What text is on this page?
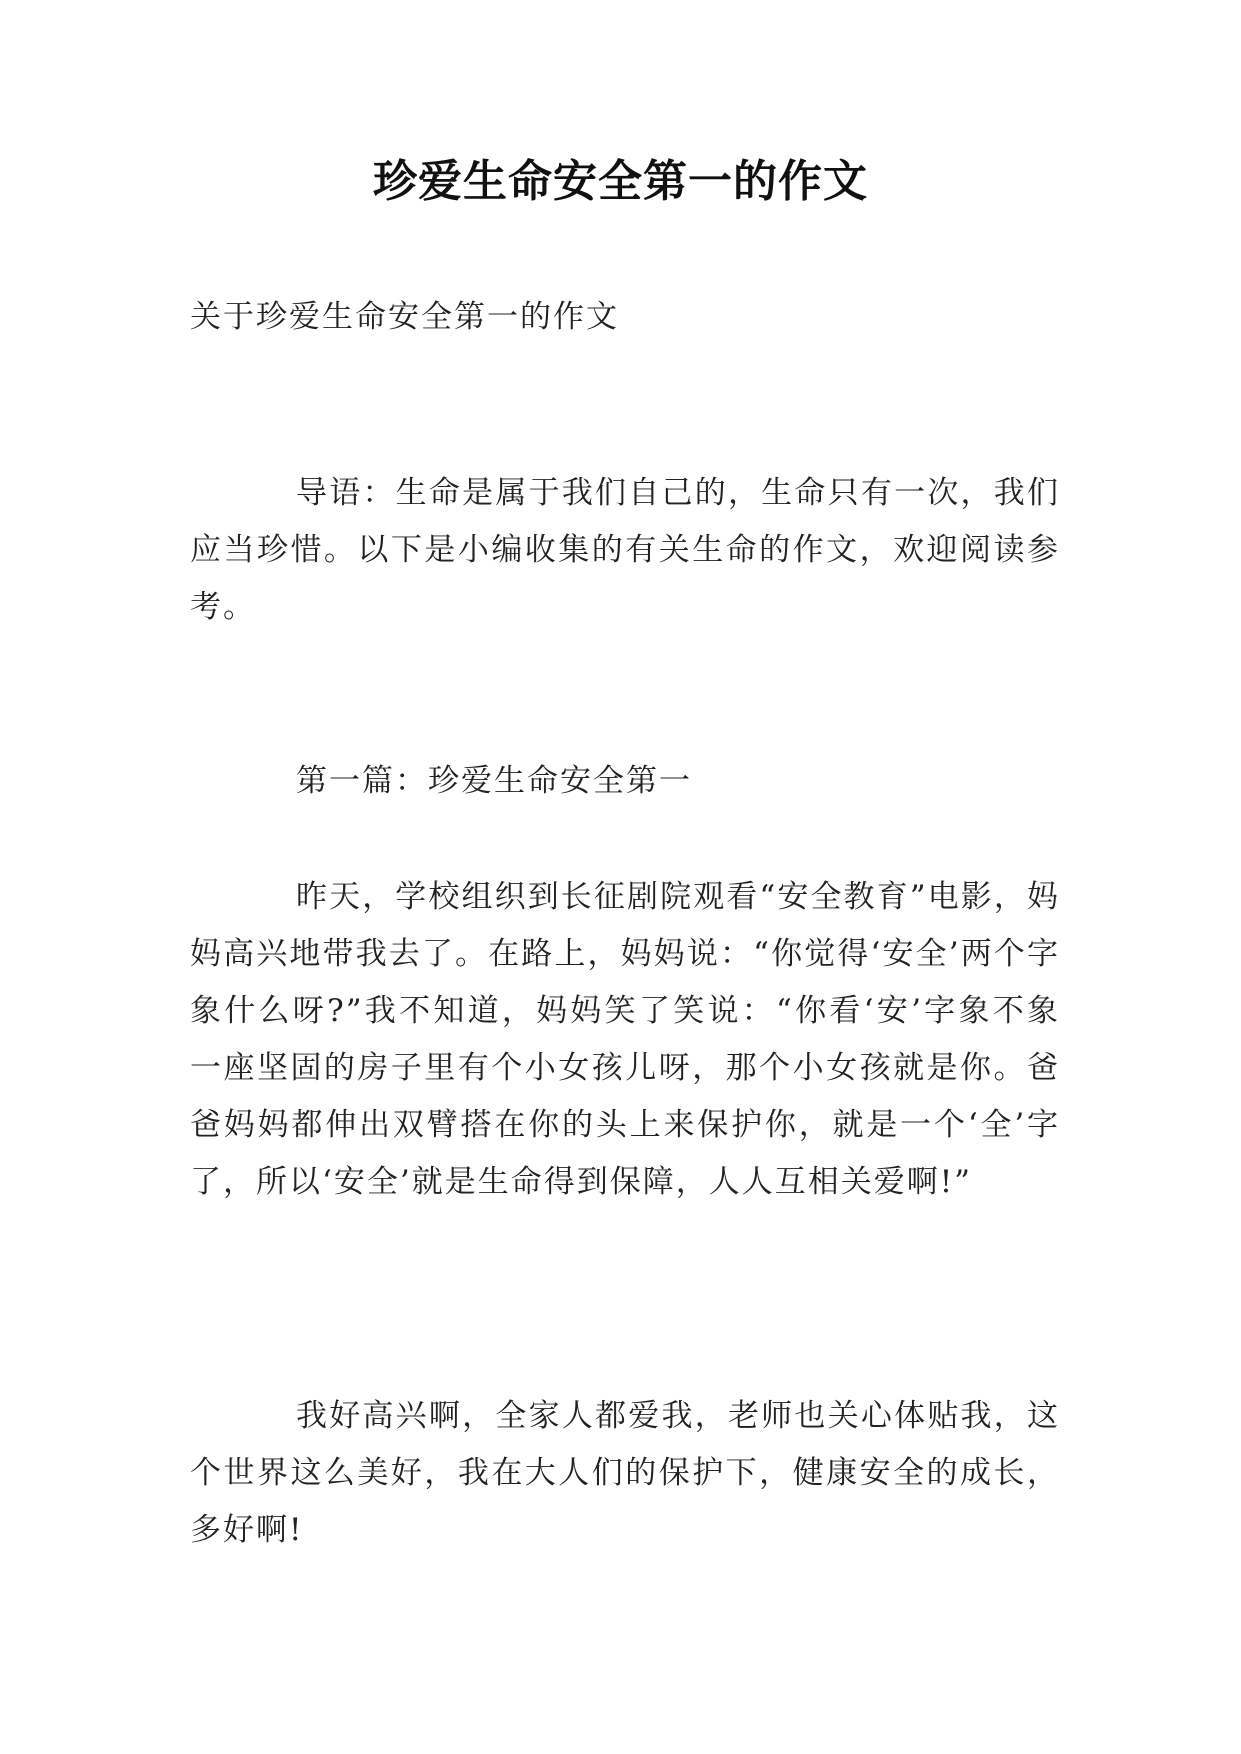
珍爱生命安全第一的作文
关于珍爱生命安全第一的作文

导语：生命是属于我们自己的，生命只有一次，我们应当珍惜。以下是小编收集的有关生命的作文，欢迎阅读参考。

第一篇：珍爱生命安全第一

昨天，学校组织到长征剧院观看“安全教育”电影，妈妈高兴地带我去了。在路上，妈妈说：“你觉得‘安全’两个字象什么呀?”我不知道，妈妈笑了笑说：“你看‘安’字象不象一座坚固的房子里有个小女孩儿呀，那个小女孩就是你。爸爸妈妈都伸出双臂搭在你的头上来保护你，就是一个‘全’字了，所以‘安全’就是生命得到保障，人人互相关爱啊!”

我好高兴啊，全家人都爱我，老师也关心体贴我，这个世界这么美好，我在大人们的保护下，健康安全的成长，多好啊!
